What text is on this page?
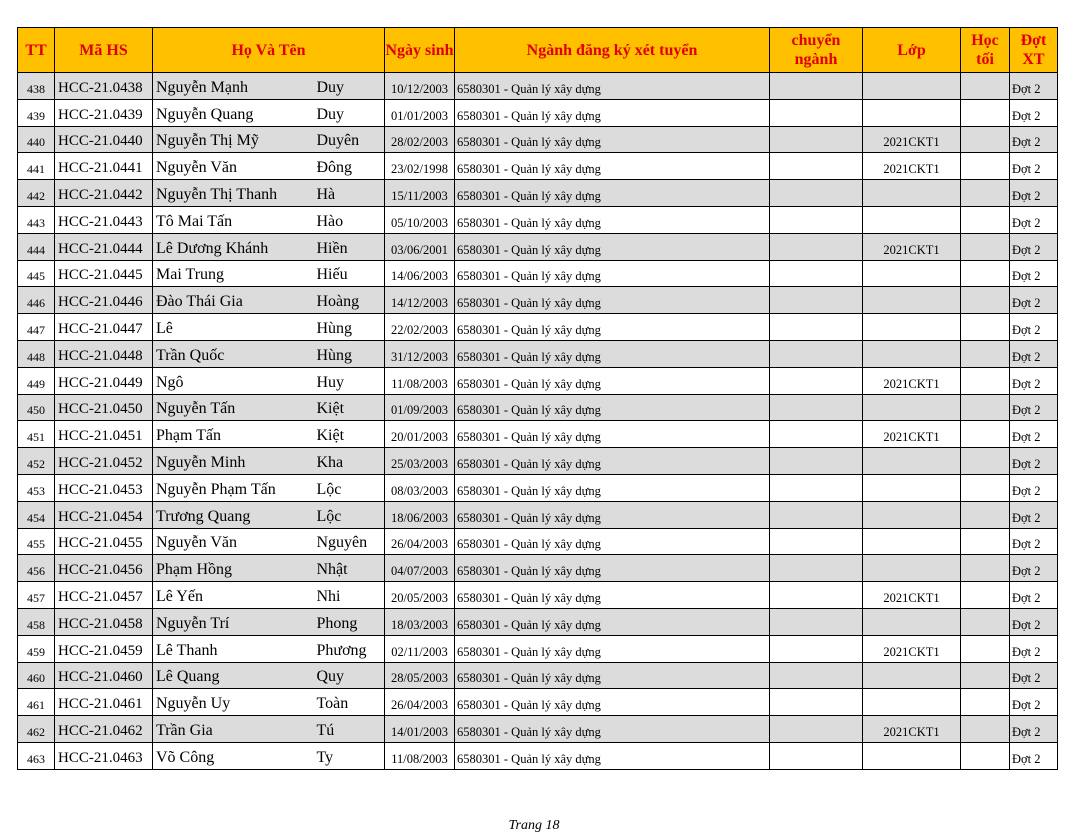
TT	Mã HS	Họ Và Tên		Ngày sinh	Ngành đăng ký xét tuyển	chuyển ngành	Lớp	Học tối	Đợt XT
438	HCC-21.0438	Nguyễn Mạnh	Duy	10/12/2003	6580301 - Quản lý xây dựng				Đợt 2
439	HCC-21.0439	Nguyễn Quang	Duy	01/01/2003	6580301 - Quản lý xây dựng				Đợt 2
440	HCC-21.0440	Nguyễn Thị Mỹ	Duyên	28/02/2003	6580301 - Quản lý xây dựng		2021CKT1		Đợt 2
441	HCC-21.0441	Nguyễn Văn	Đông	23/02/1998	6580301 - Quản lý xây dựng		2021CKT1		Đợt 2
442	HCC-21.0442	Nguyễn Thị Thanh	Hà	15/11/2003	6580301 - Quản lý xây dựng				Đợt 2
443	HCC-21.0443	Tô Mai Tấn	Hào	05/10/2003	6580301 - Quản lý xây dựng				Đợt 2
444	HCC-21.0444	Lê Dương Khánh	Hiền	03/06/2001	6580301 - Quản lý xây dựng		2021CKT1		Đợt 2
445	HCC-21.0445	Mai Trung	Hiếu	14/06/2003	6580301 - Quản lý xây dựng				Đợt 2
446	HCC-21.0446	Đào Thái Gia	Hoàng	14/12/2003	6580301 - Quản lý xây dựng				Đợt 2
447	HCC-21.0447	Lê	Hùng	22/02/2003	6580301 - Quản lý xây dựng				Đợt 2
448	HCC-21.0448	Trần Quốc	Hùng	31/12/2003	6580301 - Quản lý xây dựng				Đợt 2
449	HCC-21.0449	Ngô	Huy	11/08/2003	6580301 - Quản lý xây dựng		2021CKT1		Đợt 2
450	HCC-21.0450	Nguyễn Tấn	Kiệt	01/09/2003	6580301 - Quản lý xây dựng				Đợt 2
451	HCC-21.0451	Phạm Tấn	Kiệt	20/01/2003	6580301 - Quản lý xây dựng		2021CKT1		Đợt 2
452	HCC-21.0452	Nguyễn Minh	Kha	25/03/2003	6580301 - Quản lý xây dựng				Đợt 2
453	HCC-21.0453	Nguyễn Phạm Tấn	Lộc	08/03/2003	6580301 - Quản lý xây dựng				Đợt 2
454	HCC-21.0454	Trương Quang	Lộc	18/06/2003	6580301 - Quản lý xây dựng				Đợt 2
455	HCC-21.0455	Nguyễn Văn	Nguyên	26/04/2003	6580301 - Quản lý xây dựng				Đợt 2
456	HCC-21.0456	Phạm Hồng	Nhật	04/07/2003	6580301 - Quản lý xây dựng				Đợt 2
457	HCC-21.0457	Lê Yến	Nhi	20/05/2003	6580301 - Quản lý xây dựng		2021CKT1		Đợt 2
458	HCC-21.0458	Nguyễn Trí	Phong	18/03/2003	6580301 - Quản lý xây dựng				Đợt 2
459	HCC-21.0459	Lê Thanh	Phương	02/11/2003	6580301 - Quản lý xây dựng		2021CKT1		Đợt 2
460	HCC-21.0460	Lê Quang	Quy	28/05/2003	6580301 - Quản lý xây dựng				Đợt 2
461	HCC-21.0461	Nguyễn Uy	Toàn	26/04/2003	6580301 - Quản lý xây dựng				Đợt 2
462	HCC-21.0462	Trần Gia	Tú	14/01/2003	6580301 - Quản lý xây dựng		2021CKT1		Đợt 2
463	HCC-21.0463	Võ Công	Ty	11/08/2003	6580301 - Quản lý xây dựng				Đợt 2
Trang 18
